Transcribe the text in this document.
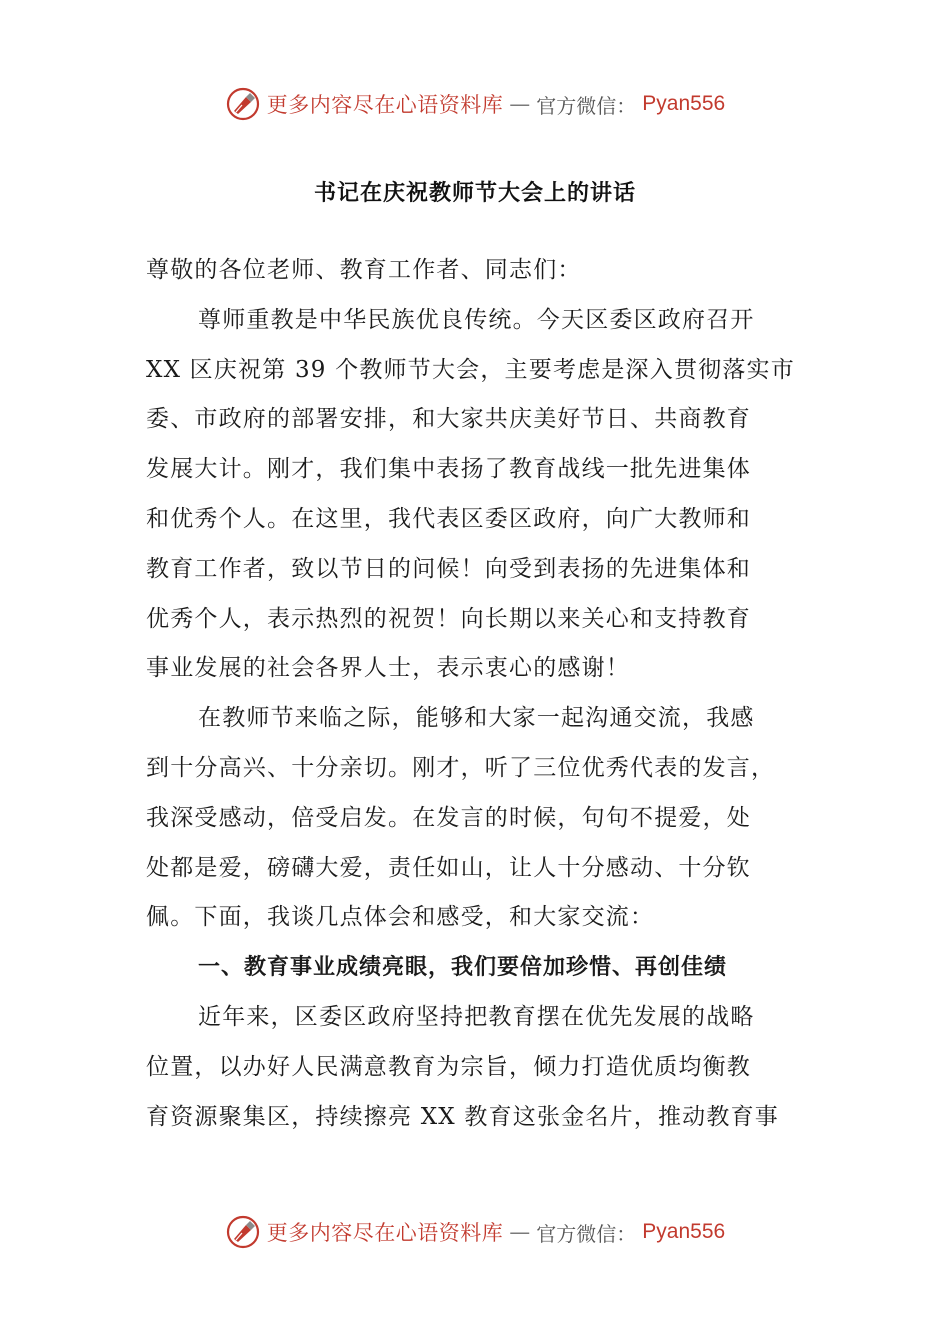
更多内容尽在心语资料库 — 官方微信： Pyan556
书记在庆祝教师节大会上的讲话
尊敬的各位老师、教育工作者、同志们：
尊师重教是中华民族优良传统。今天区委区政府召开
XX 区庆祝第 39 个教师节大会，主要考虑是深入贯彻落实市
委、市政府的部署安排，和大家共庆美好节日、共商教育
发展大计。刚才，我们集中表扬了教育战线一批先进集体
和优秀个人。在这里，我代表区委区政府，向广大教师和
教育工作者，致以节日的问候！向受到表扬的先进集体和
优秀个人，表示热烈的祝贺！向长期以来关心和支持教育
事业发展的社会各界人士，表示衷心的感谢！
在教师节来临之际，能够和大家一起沟通交流，我感
到十分高兴、十分亲切。刚才，听了三位优秀代表的发言，
我深受感动，倍受启发。在发言的时候，句句不提爱，处
处都是爱，磅礴大爱，责任如山，让人十分感动、十分钦
佩。下面，我谈几点体会和感受，和大家交流：
一、教育事业成绩亮眼，我们要倍加珍惜、再创佳绩
近年来，区委区政府坚持把教育摆在优先发展的战略
位置，以办好人民满意教育为宗旨，倾力打造优质均衡教
育资源聚集区，持续擦亮 XX 教育这张金名片，推动教育事
更多内容尽在心语资料库 — 官方微信： Pyan556
